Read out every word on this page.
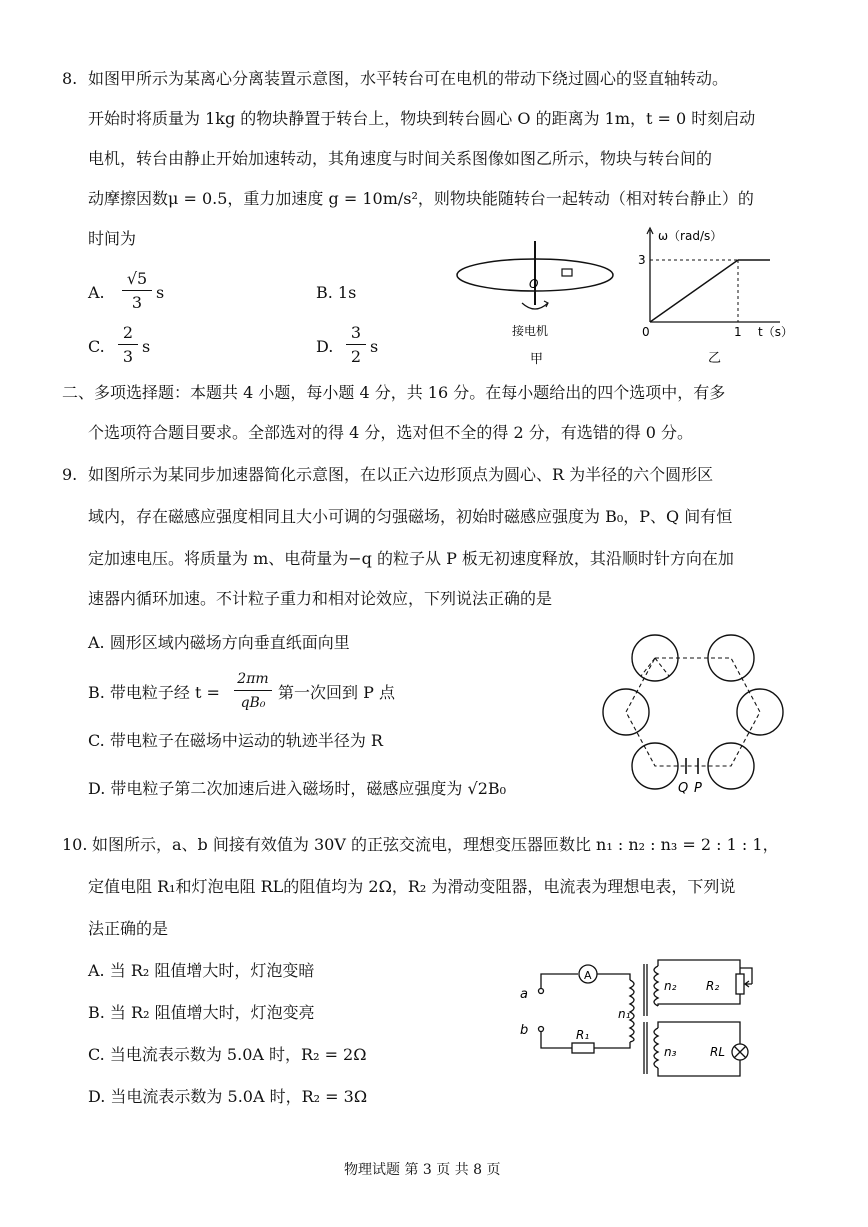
8. 如图甲所示为某离心分离装置示意图，水平转台可在电机的带动下绕过圆心的竖直轴转动。
开始时将质量为 1kg 的物块静置于转台上，物块到转台圆心 O 的距离为 1m，t = 0 时刻启动
电机，转台由静止开始加速转动，其角速度与时间关系图像如图乙所示，物块与转台间的
动摩擦因数μ = 0.5，重力加速度 g = 10m/s²，则物块能随转台一起转动（相对转台静止）的
时间为
A.
√5
3
s	B. 1s
C.
2
3
s	D.
3
2
s
O
接电机
甲
ω（rad/s）
3
0	1 t（s）
乙
二、多项选择题：本题共 4 小题，每小题 4 分，共 16 分。在每小题给出的四个选项中，有多
个选项符合题目要求。全部选对的得 4 分，选对但不全的得 2 分，有选错的得 0 分。
9. 如图所示为某同步加速器简化示意图，在以正六边形顶点为圆心、R 为半径的六个圆形区
域内，存在磁感应强度相同且大小可调的匀强磁场，初始时磁感应强度为 B₀，P、Q 间有恒
定加速电压。将质量为 m、电荷量为−q 的粒子从 P 板无初速度释放，其沿顺时针方向在加
速器内循环加速。不计粒子重力和相对论效应，下列说法正确的是
A. 圆形区域内磁场方向垂直纸面向里
B. 带电粒子经 t =
2πm
qB₀
第一次回到 P 点
C. 带电粒子在磁场中运动的轨迹半径为 R
D. 带电粒子第二次加速后进入磁场时，磁感应强度为 √2B₀	Q P
10. 如图所示，a、b 间接有效值为 30V 的正弦交流电，理想变压器匝数比 n₁ : n₂ : n₃ = 2 : 1 : 1，
定值电阻 R₁和灯泡电阻 RL的阻值均为 2Ω，R₂ 为滑动变阻器，电流表为理想电表，下列说
法正确的是
A. 当 R₂ 阻值增大时，灯泡变暗
B. 当 R₂ 阻值增大时，灯泡变亮
C. 当电流表示数为 5.0A 时，R₂ = 2Ω
D. 当电流表示数为 5.0A 时，R₂ = 3Ω
a
b
A
R₁
n₁
n₂ R₂
n₃	RL
物理试题 第 3 页 共 8 页
